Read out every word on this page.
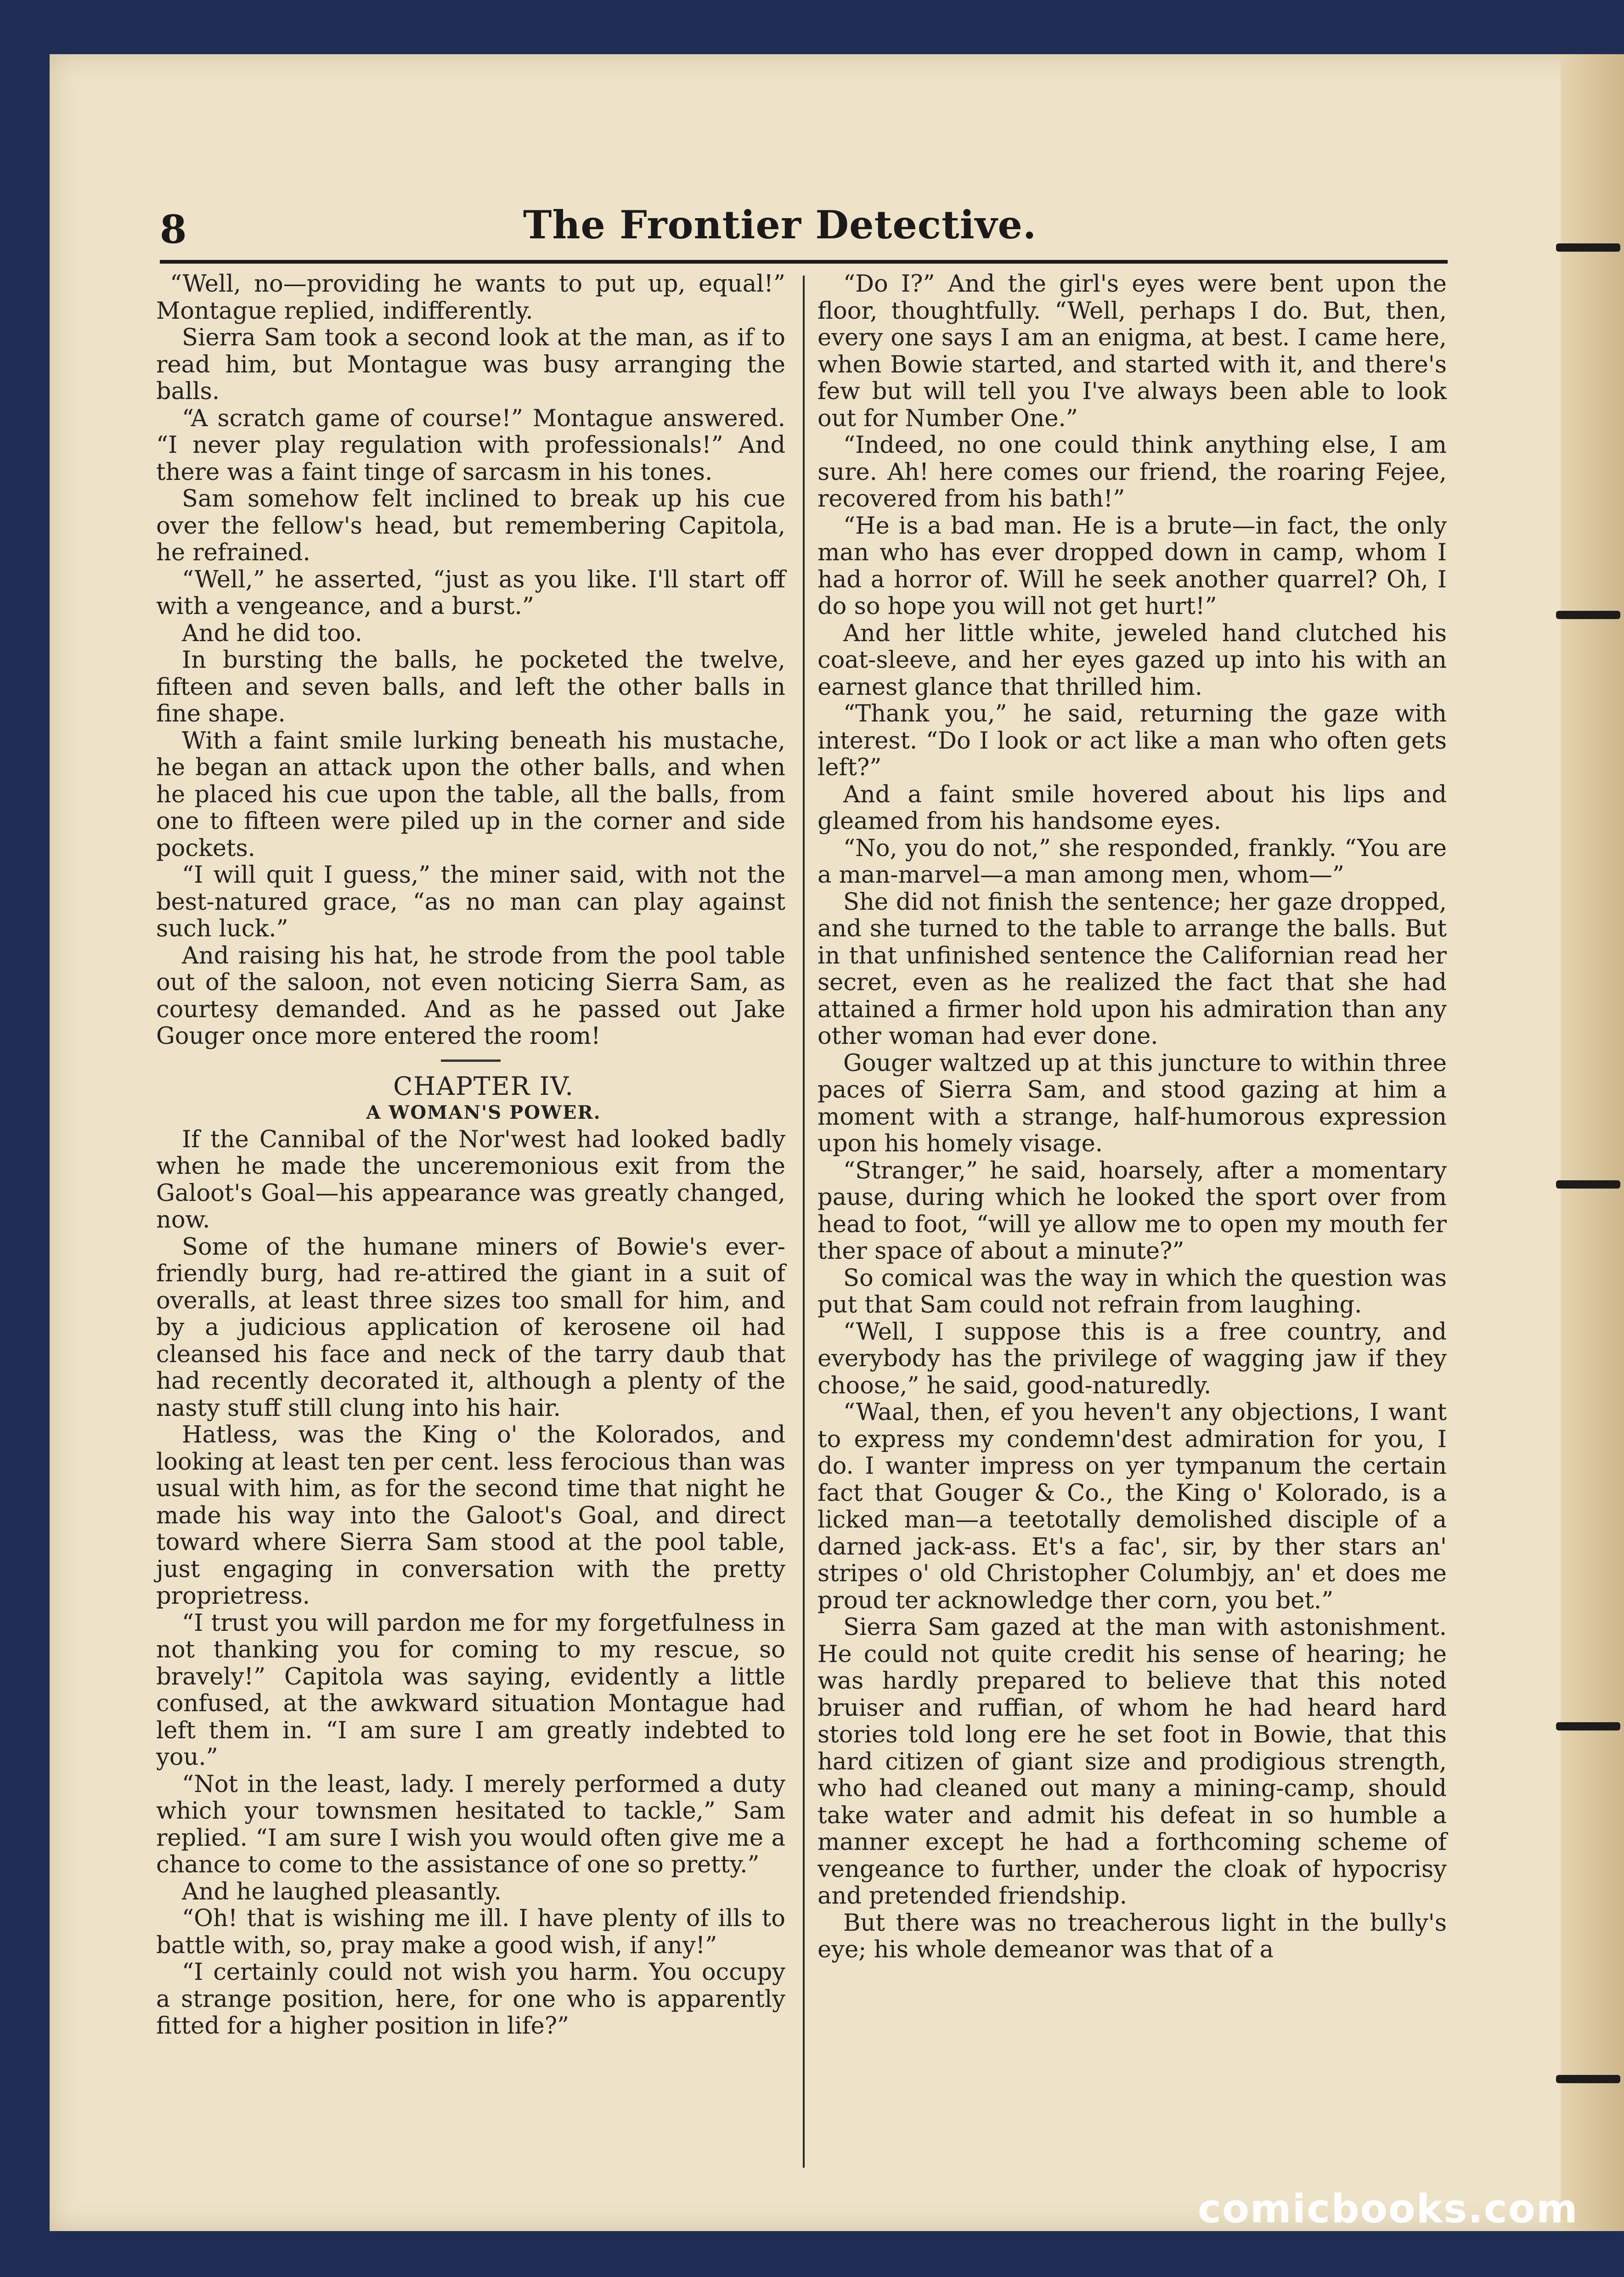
8	The Frontier Detective.

“Well, no—providing he wants to put up, equal!” Montague replied, indifferently.

Sierra Sam took a second look at the man, as if to read him, but Montague was busy arranging the balls.

“A scratch game of course!” Montague answered. “I never play regulation with professionals!” And there was a faint tinge of sarcasm in his tones.

Sam somehow felt inclined to break up his cue over the fellow's head, but remembering Capitola, he refrained.

“Well,” he asserted, “just as you like. I'll start off with a vengeance, and a burst.”

And he did too.

In bursting the balls, he pocketed the twelve, fifteen and seven balls, and left the other balls in fine shape.

With a faint smile lurking beneath his mustache, he began an attack upon the other balls, and when he placed his cue upon the table, all the balls, from one to fifteen were piled up in the corner and side pockets.

“I will quit I guess,” the miner said, with not the best-natured grace, “as no man can play against such luck.”

And raising his hat, he strode from the pool table out of the saloon, not even noticing Sierra Sam, as courtesy demanded. And as he passed out Jake Gouger once more entered the room!

CHAPTER IV.

A WOMAN'S POWER.

If the Cannibal of the Nor'west had looked badly when he made the unceremonious exit from the Galoot's Goal—his appearance was greatly changed, now.

Some of the humane miners of Bowie's ever-friendly burg, had re-attired the giant in a suit of overalls, at least three sizes too small for him, and by a judicious application of kerosene oil had cleansed his face and neck of the tarry daub that had recently decorated it, although a plenty of the nasty stuff still clung into his hair.

Hatless, was the King o' the Kolorados, and looking at least ten per cent. less ferocious than was usual with him, as for the second time that night he made his way into the Galoot's Goal, and direct toward where Sierra Sam stood at the pool table, just engaging in conversation with the pretty proprietress.

“I trust you will pardon me for my forgetfulness in not thanking you for coming to my rescue, so bravely!” Capitola was saying, evidently a little confused, at the awkward situation Montague had left them in. “I am sure I am greatly indebted to you.”

“Not in the least, lady. I merely performed a duty which your townsmen hesitated to tackle,” Sam replied. “I am sure I wish you would often give me a chance to come to the assistance of one so pretty.”

And he laughed pleasantly.

“Oh! that is wishing me ill. I have plenty of ills to battle with, so, pray make a good wish, if any!”

“I certainly could not wish you harm. You occupy a strange position, here, for one who is apparently fitted for a higher position in life?”

“Do I?” And the girl's eyes were bent upon the floor, thoughtfully. “Well, perhaps I do. But, then, every one says I am an enigma, at best. I came here, when Bowie started, and started with it, and there's few but will tell you I've always been able to look out for Number One.”

“Indeed, no one could think anything else, I am sure. Ah! here comes our friend, the roaring Fejee, recovered from his bath!”

“He is a bad man. He is a brute—in fact, the only man who has ever dropped down in camp, whom I had a horror of. Will he seek another quarrel? Oh, I do so hope you will not get hurt!”

And her little white, jeweled hand clutched his coat-sleeve, and her eyes gazed up into his with an earnest glance that thrilled him.

“Thank you,” he said, returning the gaze with interest. “Do I look or act like a man who often gets left?”

And a faint smile hovered about his lips and gleamed from his handsome eyes.

“No, you do not,” she responded, frankly. “You are a man-marvel—a man among men, whom—”

She did not finish the sentence; her gaze dropped, and she turned to the table to arrange the balls. But in that unfinished sentence the Californian read her secret, even as he realized the fact that she had attained a firmer hold upon his admiration than any other woman had ever done.

Gouger waltzed up at this juncture to within three paces of Sierra Sam, and stood gazing at him a moment with a strange, half-humorous expression upon his homely visage.

“Stranger,” he said, hoarsely, after a momentary pause, during which he looked the sport over from head to foot, “will ye allow me to open my mouth fer ther space of about a minute?”

So comical was the way in which the question was put that Sam could not refrain from laughing.

“Well, I suppose this is a free country, and everybody has the privilege of wagging jaw if they choose,” he said, good-naturedly.

“Waal, then, ef you heven't any objections, I want to express my condemn'dest admiration for you, I do. I wanter impress on yer tympanum the certain fact that Gouger & Co., the King o' Kolorado, is a licked man—a teetotally demolished disciple of a darned jack-ass. Et's a fac', sir, by ther stars an' stripes o' old Christopher Columbjy, an' et does me proud ter acknowledge ther corn, you bet.”

Sierra Sam gazed at the man with astonishment. He could not quite credit his sense of hearing; he was hardly prepared to believe that this noted bruiser and ruffian, of whom he had heard hard stories told long ere he set foot in Bowie, that this hard citizen of giant size and prodigious strength, who had cleaned out many a mining-camp, should take water and admit his defeat in so humble a manner except he had a forthcoming scheme of vengeance to further, under the cloak of hypocrisy and pretended friendship.

But there was no treacherous light in the bully's eye; his whole demeanor was that of a

comicbooks.com
